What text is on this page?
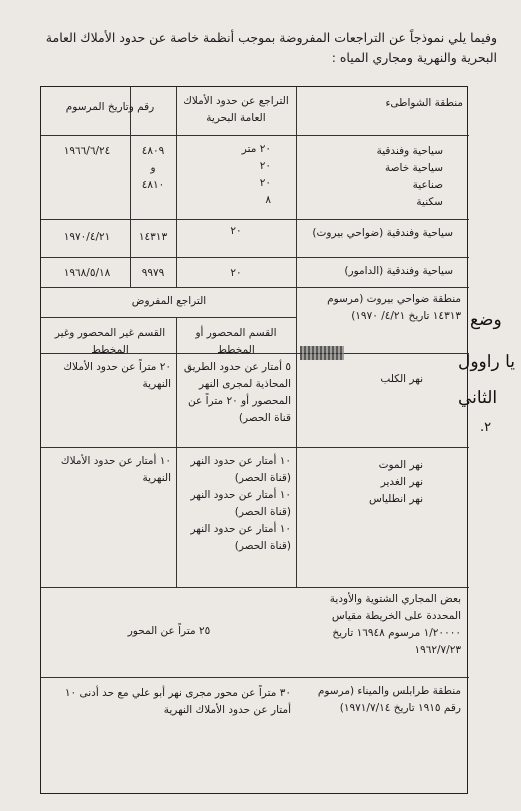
وفيما يلي نموذجاً عن التراجعات المفروضة بموجب أنظمة خاصة عن حدود الأملاك العامة البحرية والنهرية ومجاري المياه :
منطقة الشواطىء
التراجع عن حدود الأملاك العامة البحرية
رقم وتاريخ المرسوم
سياحية وفندقية
سياحية خاصة
صناعية
سكنية
٢٠ متر
٢٠
٢٠
٨
٤٨٠٩
و
٤٨١٠
١٩٦٦/٦/٢٤
سياحية وفندقية (ضواحي بيروت)
٢٠
١٤٣١٣
١٩٧٠/٤/٢١
سياحية وفندقية (الدامور)
٢٠
٩٩٧٩
١٩٦٨/٥/١٨
منطقة ضواحي بيروت (مرسوم ١٤٣١٣ تاريخ ٤/٢١/ ١٩٧٠)
التراجع المفروض
القسم المحصور أو المخطط
القسم غير المحصور وغير المخطط
نهر الكلب
٥ أمتار عن حدود الطريق المحاذية لمجرى النهر المحصور أو ٢٠ متراً عن قناة الحصر)
٢٠ متراً عن حدود الأملاك النهرية
نهر الموت
نهر الغدير
نهر انطلياس
١٠ أمتار عن حدود النهر (قناة الحصر)
١٠ أمتار عن حدود النهر (قناة الحصر)
١٠ أمتار عن حدود النهر (قناة الحصر)
١٠ أمتار عن حدود الأملاك النهرية
بعض المجاري الشتوية والأودية المحددة على الخريطة مقياس ١/٢٠٠٠٠ مرسوم ١٦٩٤٨ تاريخ ١٩٦٢/٧/٢٣
٢٥ متراً عن المحور
منطقة طرابلس والميناء (مرسوم رقم ١٩١٥ تاريخ ١٩٧١/٧/١٤)
٣٠ متراً عن محور مجرى نهر أبو علي مع حد أدنى ١٠ أمتار عن حدود الأملاك النهرية
وضع
يا راوول
الثاني
٢.
